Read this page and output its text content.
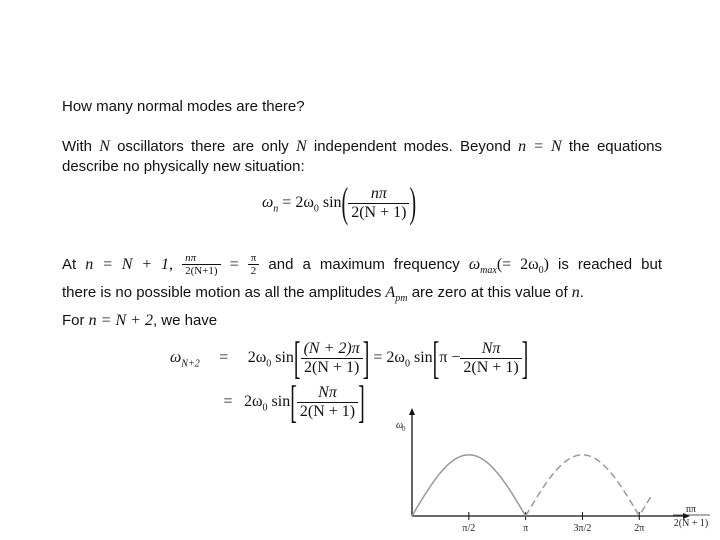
How many normal modes are there?
With N oscillators there are only N independent modes. Beyond n = N the equations
describe no physically new situation:
$\omega_n = 2\omega_0$ $\sin( \frac{n\pi}{2(N + 1)}$ )
At n = N + 1, $\frac{n\pi}{2(N+1)} = \frac{\pi}{2}$ and a maximum frequency $\omega_{max}(= 2\omega_0)$ is reached but
there is no possible motion as all the amplitudes $A_{pm}$ are zero at this value of n.
For n = N + 2, we have
$\omega_{N+2} = 2\omega_0$ $\sin[ \frac{(N + 2)\pi}{2(N + 1)}$ ] = $2\omega_0$ $\sin[\pi - \frac{N\pi}{2(N + 1)}$ ]
= $2\omega_0$ $\sin[ \frac{N\pi}{2(N + 1)}$ ]	ω
0
nπ
2(N + 1)
π/2	π	3π/2	2π
